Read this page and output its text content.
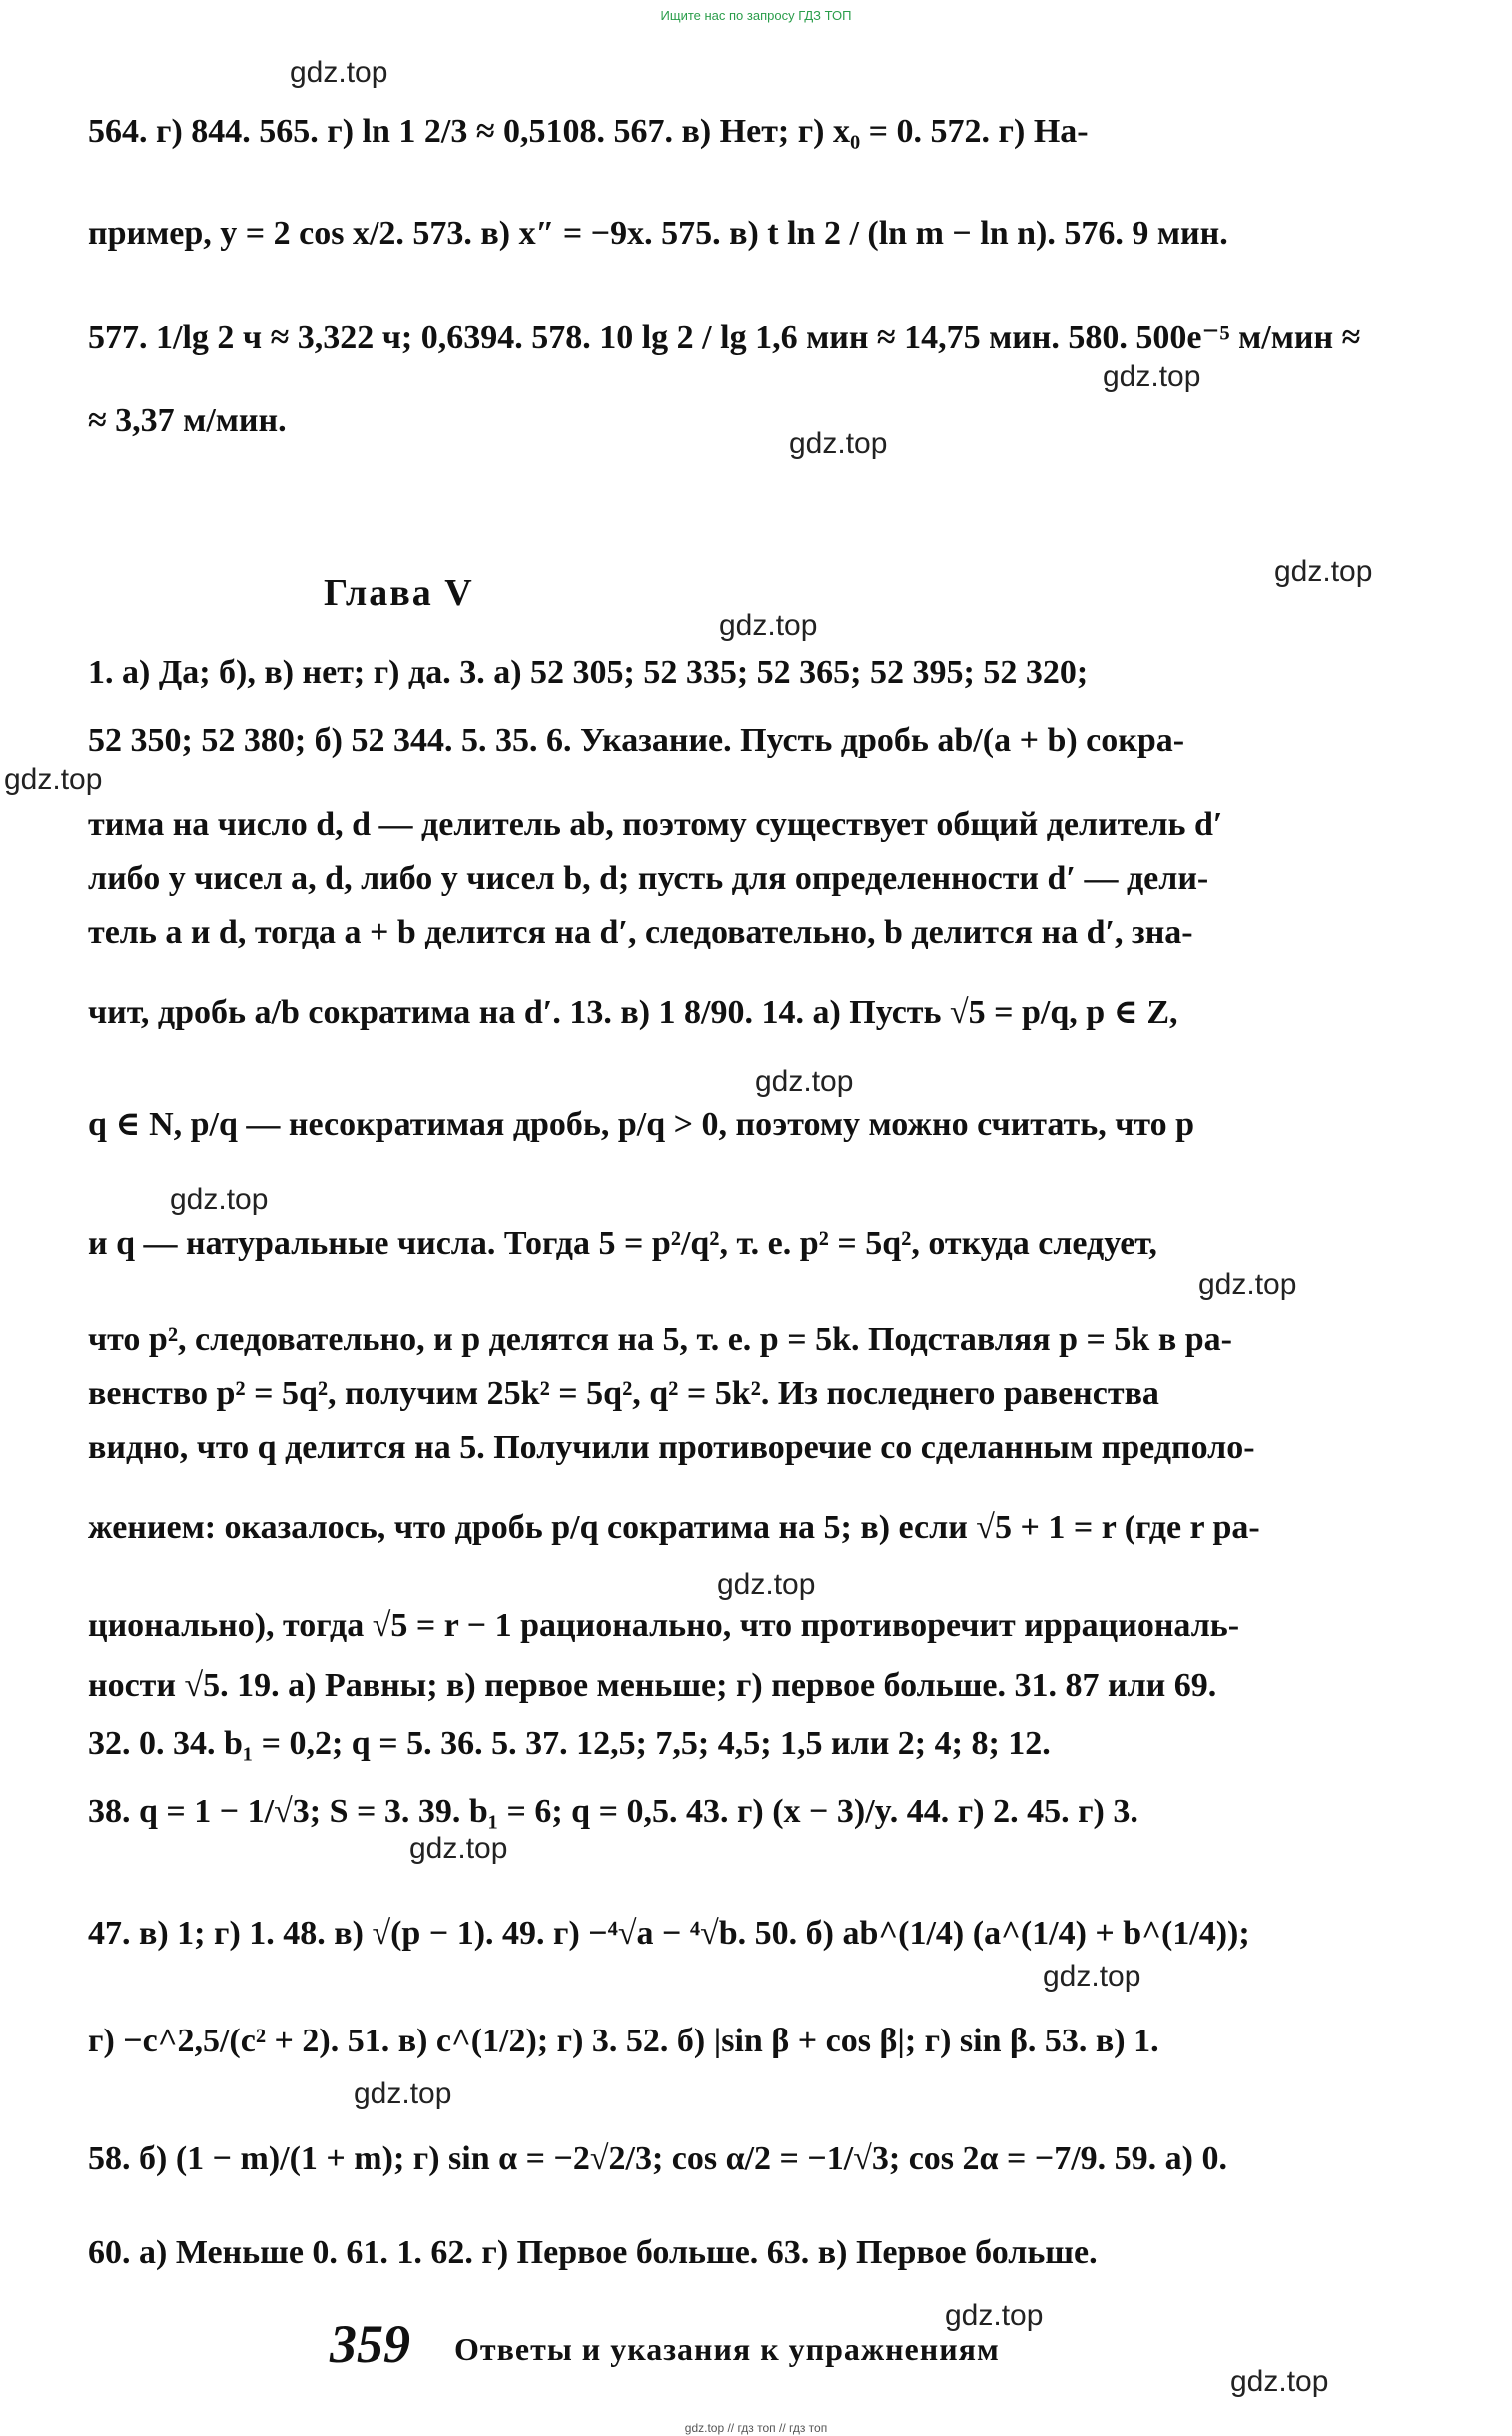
Ищите нас по запросу ГДЗ ТОП
gdz.top
gdz.top
gdz.top
gdz.top
gdz.top
gdz.top
gdz.top
gdz.top
gdz.top
gdz.top
gdz.top
gdz.top
gdz.top
gdz.top
gdz.top
564. г) 844. 565. г) ln 1 2/3 ≈ 0,5108. 567. в) Нет; г) x₀ = 0. 572. г) На-
пример, y = 2 cos x/2. 573. в) x″ = −9x. 575. в) t ln 2 / (ln m − ln n). 576. 9 мин.
577. 1/lg 2 ч ≈ 3,322 ч; 0,6394. 578. 10 lg 2 / lg 1,6 мин ≈ 14,75 мин. 580. 500e⁻⁵ м/мин ≈
≈ 3,37 м/мин.
Глава V
1. а) Да; б), в) нет; г) да. 3. а) 52 305; 52 335; 52 365; 52 395; 52 320;
52 350; 52 380; б) 52 344. 5. 35. 6. Указание. Пусть дробь ab/(a + b) сокра-
тима на число d, d — делитель ab, поэтому существует общий делитель d′
либо у чисел a, d, либо у чисел b, d; пусть для определенности d′ — дели-
тель a и d, тогда a + b делится на d′, следовательно, b делится на d′, зна-
чит, дробь a/b сократима на d′. 13. в) 1 8/90. 14. а) Пусть √5 = p/q, p ∈ Z,
q ∈ N, p/q — несократимая дробь, p/q > 0, поэтому можно считать, что p
и q — натуральные числа. Тогда 5 = p²/q², т. е. p² = 5q², откуда следует,
что p², следовательно, и p делятся на 5, т. е. p = 5k. Подставляя p = 5k в ра-
венство p² = 5q², получим 25k² = 5q², q² = 5k². Из последнего равенства
видно, что q делится на 5. Получили противоречие со сделанным предполо-
жением: оказалось, что дробь p/q сократима на 5; в) если √5 + 1 = r (где r ра-
ционально), тогда √5 = r − 1 рационально, что противоречит иррациональ-
ности √5. 19. а) Равны; в) первое меньше; г) первое больше. 31. 87 или 69.
32. 0. 34. b₁ = 0,2; q = 5. 36. 5. 37. 12,5; 7,5; 4,5; 1,5 или 2; 4; 8; 12.
38. q = 1 − 1/√3; S = 3. 39. b₁ = 6; q = 0,5. 43. г) (x − 3)/y. 44. г) 2. 45. г) 3.
47. в) 1; г) 1. 48. в) √(p − 1). 49. г) −⁴√a − ⁴√b. 50. б) ab^(1/4) (a^(1/4) + b^(1/4));
г) −c^2,5/(c² + 2). 51. в) c^(1/2); г) 3. 52. б) |sin β + cos β|; г) sin β. 53. в) 1.
58. б) (1 − m)/(1 + m); г) sin α = −2√2/3; cos α/2 = −1/√3; cos 2α = −7/9. 59. а) 0.
60. а) Меньше 0. 61. 1. 62. г) Первое больше. 63. в) Первое больше.
359 Ответы и указания к упражнениям
gdz.top // гдз топ // гдз топ
